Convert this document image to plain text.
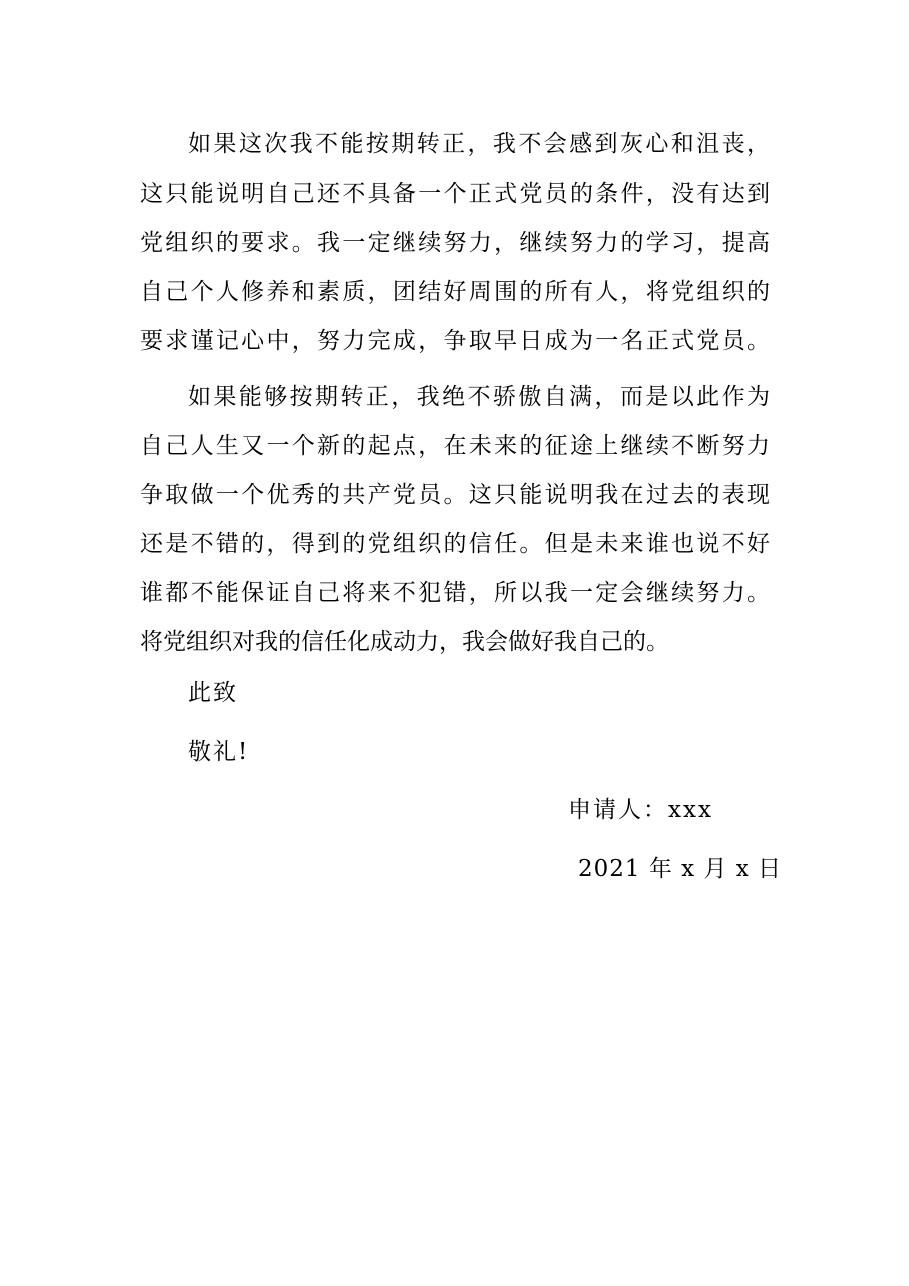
如果这次我不能按期转正，我不会感到灰心和沮丧，
这只能说明自己还不具备一个正式党员的条件，没有达到
党组织的要求。我一定继续努力，继续努力的学习，提高
自己个人修养和素质，团结好周围的所有人，将党组织的
要求谨记心中，努力完成，争取早日成为一名正式党员。
如果能够按期转正，我绝不骄傲自满，而是以此作为
自己人生又一个新的起点，在未来的征途上继续不断努力
争取做一个优秀的共产党员。这只能说明我在过去的表现
还是不错的，得到的党组织的信任。但是未来谁也说不好
谁都不能保证自己将来不犯错，所以我一定会继续努力。
将党组织对我的信任化成动力，我会做好我自己的。
此致
敬礼!
申请人：xxx
2021 年 x 月 x 日
